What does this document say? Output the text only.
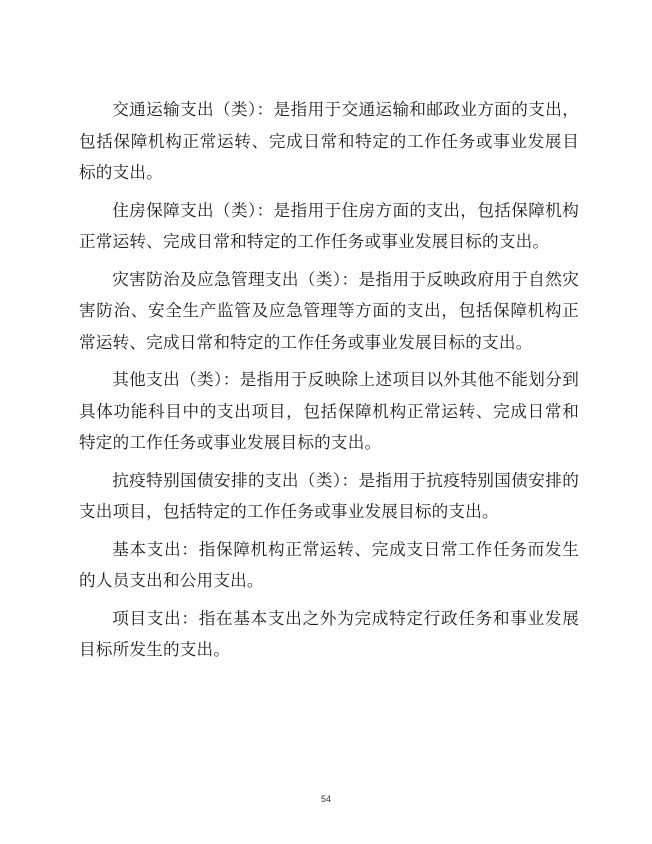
交通运输支出（类）：是指用于交通运输和邮政业方面的支出，包括保障机构正常运转、完成日常和特定的工作任务或事业发展目标的支出。

住房保障支出（类）：是指用于住房方面的支出，包括保障机构正常运转、完成日常和特定的工作任务或事业发展目标的支出。

灾害防治及应急管理支出（类）：是指用于反映政府用于自然灾害防治、安全生产监管及应急管理等方面的支出，包括保障机构正常运转、完成日常和特定的工作任务或事业发展目标的支出。

其他支出（类）：是指用于反映除上述项目以外其他不能划分到具体功能科目中的支出项目，包括保障机构正常运转、完成日常和特定的工作任务或事业发展目标的支出。

抗疫特别国债安排的支出（类）：是指用于抗疫特别国债安排的支出项目，包括特定的工作任务或事业发展目标的支出。

基本支出：指保障机构正常运转、完成支日常工作任务而发生的人员支出和公用支出。

项目支出：指在基本支出之外为完成特定行政任务和事业发展目标所发生的支出。

54
